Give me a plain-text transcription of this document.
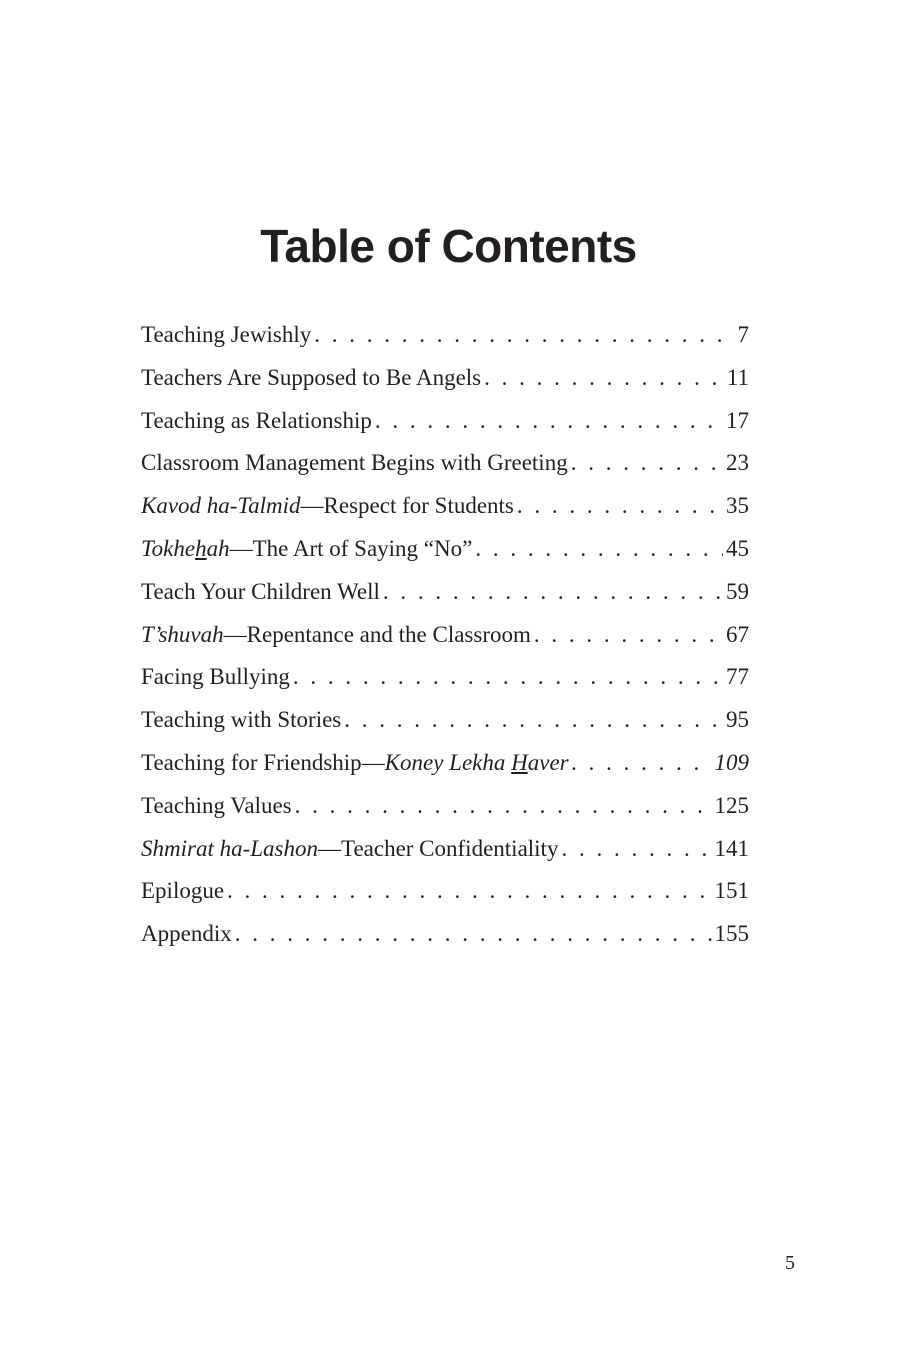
Table of Contents
Teaching Jewishly . . .	7
Teachers Are Supposed to Be Angels . . .	11
Teaching as Relationship . . .	17
Classroom Management Begins with Greeting . . .	23
Kavod ha-Talmid—Respect for Students . . .	35
Tokhehah—The Art of Saying “No” . . .	45
Teach Your Children Well . . .	59
T’shuvah—Repentance and the Classroom . . .	67
Facing Bullying . . .	77
Teaching with Stories . . .	95
Teaching for Friendship—Koney Lekha Haver . . .	109
Teaching Values . . .	125
Shmirat ha-Lashon—Teacher Confidentiality . . .	141
Epilogue . . .	151
Appendix . . .	155
5
